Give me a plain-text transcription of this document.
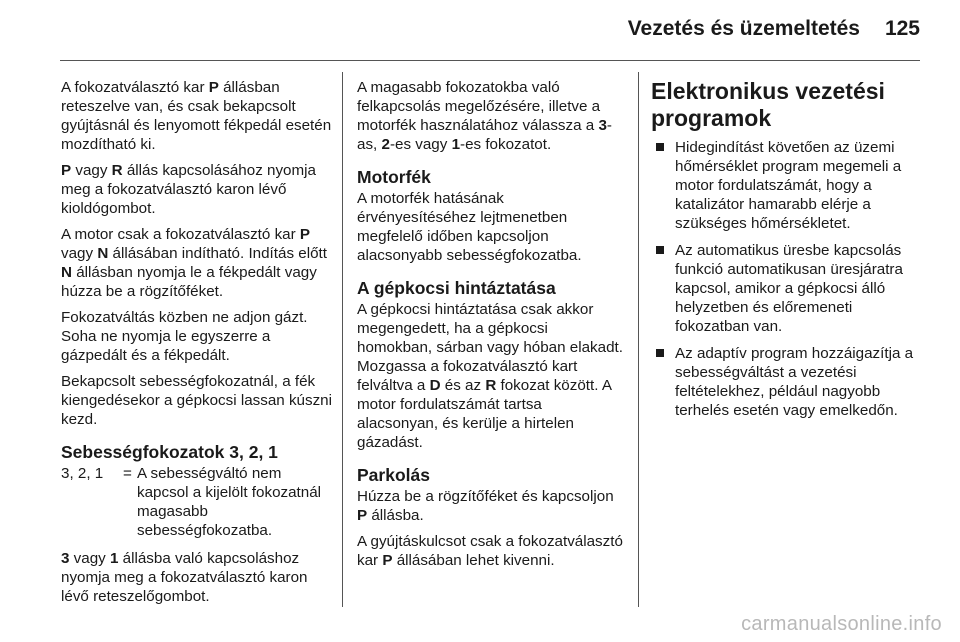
Vezetés és üzemeltetés 125

A fokozatválasztó kar P állásban reteszelve van, és csak bekapcsolt gyújtásnál és lenyomott fékpedál esetén mozdítható ki.

P vagy R állás kapcsolásához nyomja meg a fokozatválasztó karon lévő kioldógombot.

A motor csak a fokozatválasztó kar P vagy N állásában indítható. Indítás előtt N állásban nyomja le a fékpedált vagy húzza be a rögzítőféket.

Fokozatváltás közben ne adjon gázt. Soha ne nyomja le egyszerre a gázpedált és a fékpedált.

Bekapcsolt sebességfokozatnál, a fék kiengedésekor a gépkocsi lassan kúszni kezd.

Sebességfokozatok 3, 2, 1
3, 2, 1	= A sebességváltó nem kapcsol a kijelölt fokozatnál magasabb sebességfokozatba.

3 vagy 1 állásba való kapcsoláshoz nyomja meg a fokozatválasztó karon lévő reteszelőgombot.

A magasabb fokozatokba való felkapcsolás megelőzésére, illetve a motorfék használatához válassza a 3-as, 2-es vagy 1-es fokozatot.

Motorfék

A motorfék hatásának érvényesítéséhez lejtmenetben megfelelő időben kapcsoljon alacsonyabb sebességfokozatba.

A gépkocsi hintáztatása

A gépkocsi hintáztatása csak akkor megengedett, ha a gépkocsi homokban, sárban vagy hóban elakadt. Mozgassa a fokozatválasztó kart felváltva a D és az R fokozat között. A motor fordulatszámát tartsa alacsonyan, és kerülje a hirtelen gázadást.

Parkolás

Húzza be a rögzítőféket és kapcsoljon P állásba.

A gyújtáskulcsot csak a fokozatválasztó kar P állásában lehet kivenni.

Elektronikus vezetési programok
Hidegindítást követően az üzemi hőmérséklet program megemeli a motor fordulatszámát, hogy a katalizátor hamarabb elérje a szükséges hőmérsékletet.
Az automatikus üresbe kapcsolás funkció automatikusan üresjáratra kapcsol, amikor a gépkocsi álló helyzetben és előremeneti fokozatban van.
Az adaptív program hozzáigazítja a sebességváltást a vezetési feltételekhez, például nagyobb terhelés esetén vagy emelkedőn.
carmanualsonline.info
